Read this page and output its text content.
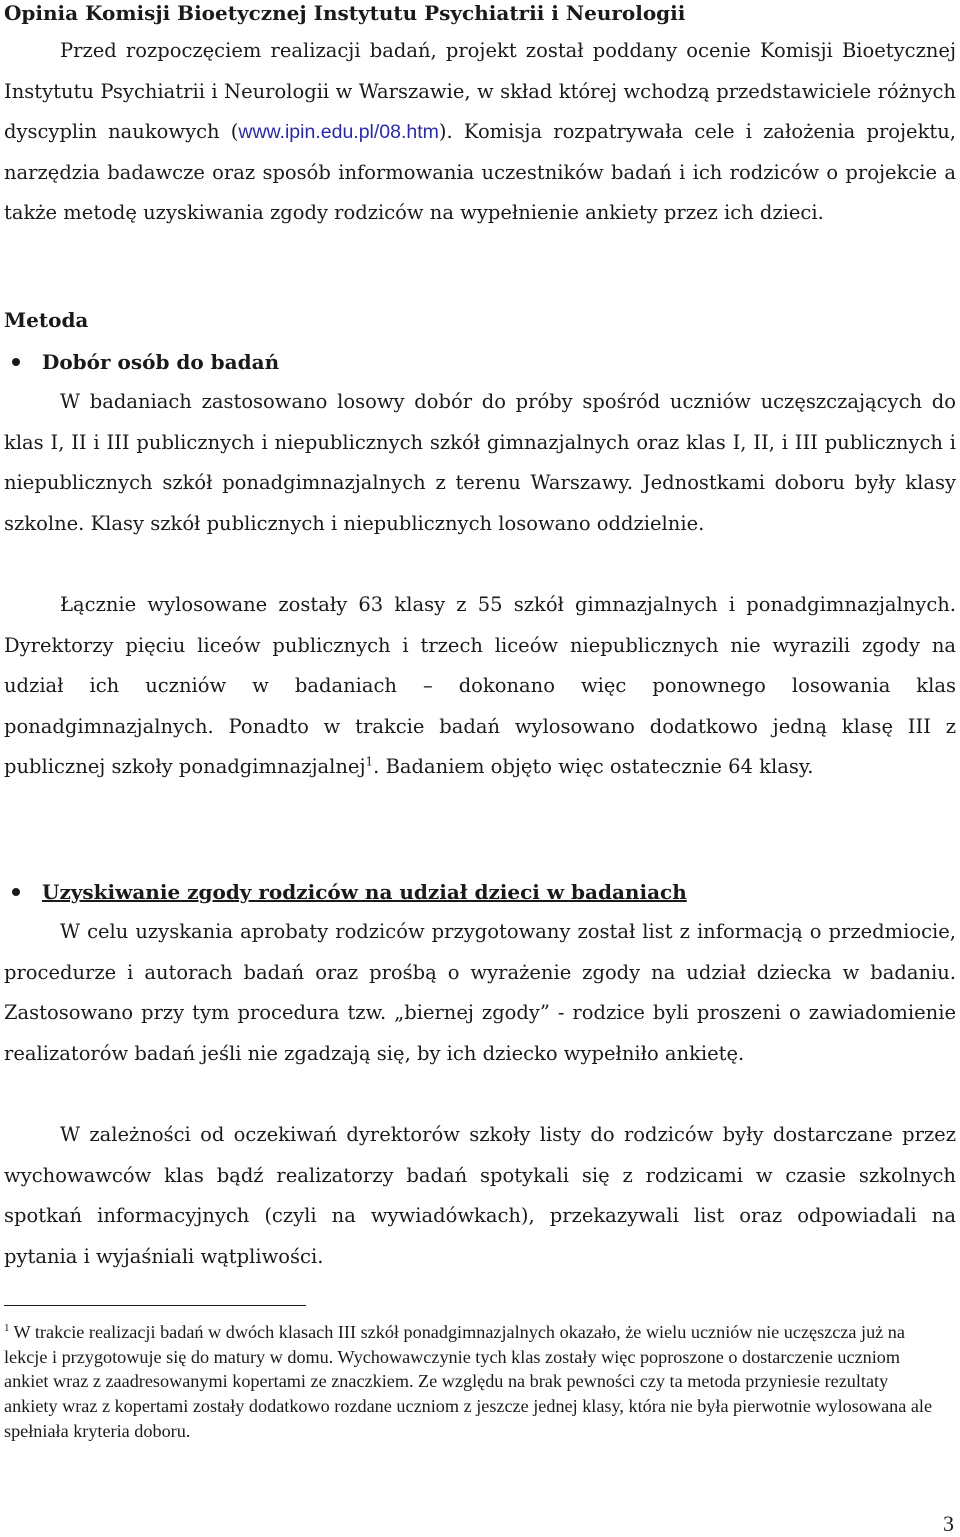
Opinia Komisji Bioetycznej Instytutu Psychiatrii i Neurologii
Przed rozpoczęciem realizacji badań, projekt został poddany ocenie Komisji Bioetycznej Instytutu Psychiatrii i Neurologii w Warszawie, w skład której wchodzą przedstawiciele różnych dyscyplin naukowych (www.ipin.edu.pl/08.htm). Komisja rozpatrywała cele i założenia projektu, narzędzia badawcze oraz sposób informowania uczestników badań i ich rodziców o projekcie a także metodę uzyskiwania zgody rodziców na wypełnienie ankiety przez ich dzieci.
Metoda
Dobór osób do badań
W badaniach zastosowano losowy dobór do próby spośród uczniów uczęszczających do klas I, II i III publicznych i niepublicznych szkół gimnazjalnych oraz klas I, II, i III publicznych i niepublicznych szkół ponadgimnazjalnych z terenu Warszawy. Jednostkami doboru były klasy szkolne. Klasy szkół publicznych i niepublicznych losowano oddzielnie.
Łącznie wylosowane zostały 63 klasy z 55 szkół gimnazjalnych i ponadgimnazjalnych. Dyrektorzy pięciu liceów publicznych i trzech liceów niepublicznych nie wyrazili zgody na udział ich uczniów w badaniach – dokonano więc ponownego losowania klas ponadgimnazjalnych. Ponadto w trakcie badań wylosowano dodatkowo jedną klasę III z publicznej szkoły ponadgimnazjalnej$^1$. Badaniem objęto więc ostatecznie 64 klasy.
Uzyskiwanie zgody rodziców na udział dzieci w badaniach
W celu uzyskania aprobaty rodziców przygotowany został list z informacją o przedmiocie, procedurze i autorach badań oraz prośbą o wyrażenie zgody na udział dziecka w badaniu. Zastosowano przy tym procedura tzw. „biernej zgody” - rodzice byli proszeni o zawiadomienie realizatorów badań jeśli nie zgadzają się, by ich dziecko wypełniło ankietę.
W zależności od oczekiwań dyrektorów szkoły listy do rodziców były dostarczane przez wychowawców klas bądź realizatorzy badań spotykali się z rodzicami w czasie szkolnych spotkań informacyjnych (czyli na wywiadówkach), przekazywali list oraz odpowiadali na pytania i wyjaśniali wątpliwości.
$^1$ W trakcie realizacji badań w dwóch klasach III szkół ponadgimnazjalnych okazało, że wielu uczniów nie uczęszcza już na lekcje i przygotowuje się do matury w domu. Wychowawczynie tych klas zostały więc poproszone o dostarczenie uczniom ankiet wraz z zaadresowanymi kopertami ze znaczkiem. Ze względu na brak pewności czy ta metoda przyniesie rezultaty ankiety wraz z kopertami zostały dodatkowo rozdane uczniom z jeszcze jednej klasy, która nie była pierwotnie wylosowana ale spełniała kryteria doboru.
3
